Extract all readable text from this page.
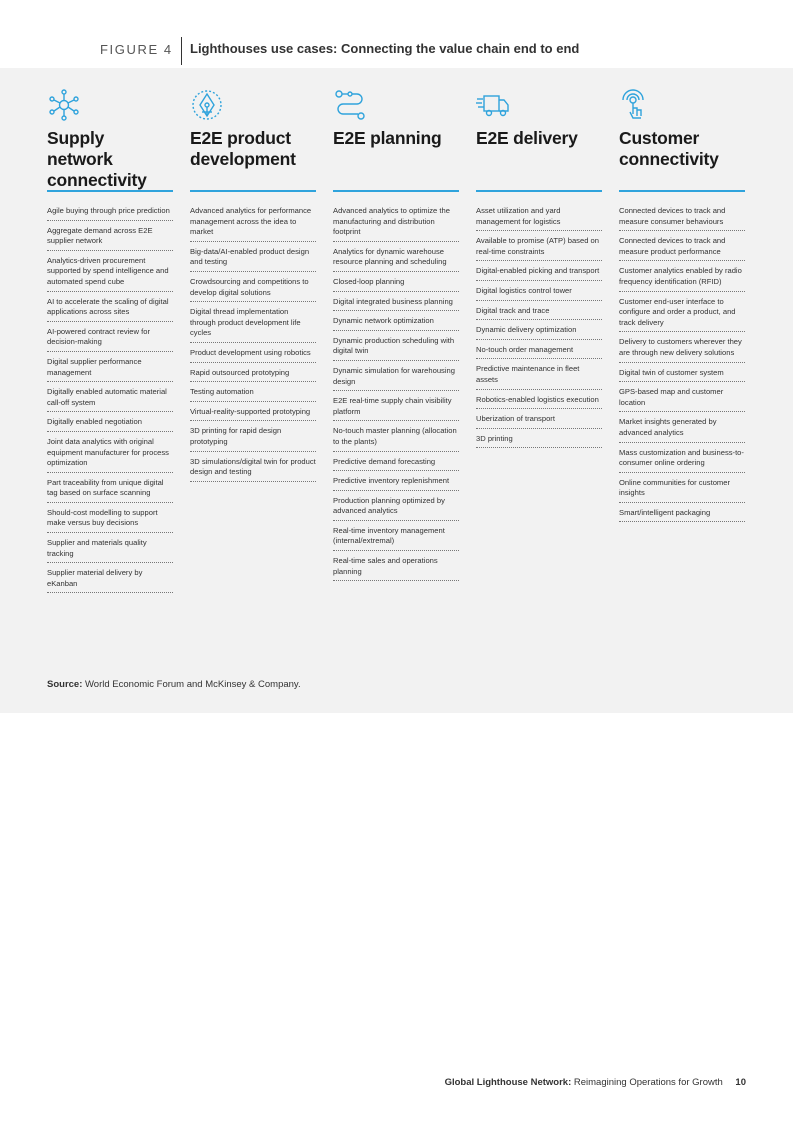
FIGURE 4 Lighthouses use cases: Connecting the value chain end to end
Supply network connectivity
Agile buying through price prediction
Aggregate demand across E2E supplier network
Analytics-driven procurement supported by spend intelligence and automated spend cube
AI to accelerate the scaling of digital applications across sites
AI-powered contract review for decision-making
Digital supplier performance management
Digitally enabled automatic material call-off system
Digitally enabled negotiation
Joint data analytics with original equipment manufacturer for process optimization
Part traceability from unique digital tag based on surface scanning
Should-cost modelling to support make versus buy decisions
Supplier and materials quality tracking
Supplier material delivery by eKanban
E2E product development
Advanced analytics for performance management across the idea to market
Big-data/AI-enabled product design and testing
Crowdsourcing and competitions to develop digital solutions
Digital thread implementation through product development life cycles
Product development using robotics
Rapid outsourced prototyping
Testing automation
Virtual-reality-supported prototyping
3D printing for rapid design prototyping
3D simulations/digital twin for product design and testing
E2E planning
Advanced analytics to optimize the manufacturing and distribution footprint
Analytics for dynamic warehouse resource planning and scheduling
Closed-loop planning
Digital integrated business planning
Dynamic network optimization
Dynamic production scheduling with digital twin
Dynamic simulation for warehousing design
E2E real-time supply chain visibility platform
No-touch master planning (allocation to the plants)
Predictive demand forecasting
Predictive inventory replenishment
Production planning optimized by advanced analytics
Real-time inventory management (internal/extremal)
Real-time sales and operations planning
E2E delivery
Asset utilization and yard management for logistics
Available to promise (ATP) based on real-time constraints
Digital-enabled picking and transport
Digital logistics control tower
Digital track and trace
Dynamic delivery optimization
No-touch order management
Predictive maintenance in fleet assets
Robotics-enabled logistics execution
Uberization of transport
3D printing
Customer connectivity
Connected devices to track and measure consumer behaviours
Connected devices to track and measure product performance
Customer analytics enabled by radio frequency identification (RFID)
Customer end-user interface to configure and order a product, and track delivery
Delivery to customers wherever they are through new delivery solutions
Digital twin of customer system
GPS-based map and customer location
Market insights generated by advanced analytics
Mass customization and business-to-consumer online ordering
Online communities for customer insights
Smart/intelligent packaging
Source: World Economic Forum and McKinsey & Company.
Global Lighthouse Network: Reimagining Operations for Growth 10
